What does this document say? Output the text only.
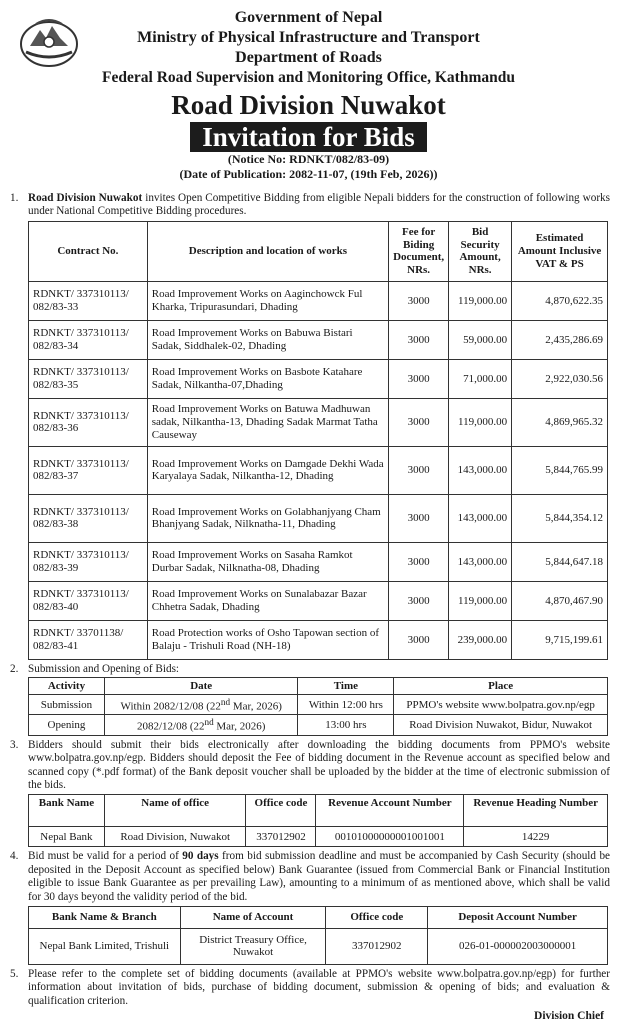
Government of Nepal
Ministry of Physical Infrastructure and Transport
Department of Roads
Federal Road Supervision and Monitoring Office, Kathmandu
Road Division Nuwakot
Invitation for Bids
(Notice No: RDNKT/082/83-09)
(Date of Publication: 2082-11-07, (19th Feb, 2026))
1. Road Division Nuwakot invites Open Competitive Bidding from eligible Nepali bidders for the construction of following works under National Competitive Bidding procedures.
Contract No.	Description and location of works	Fee for Biding Document, NRs.	Bid Security Amount, NRs.	Estimated Amount Inclusive VAT & PS
RDNKT/ 337310113/ 082/83-33	Road Improvement Works on Aaginchowck Ful Kharka, Tripurasundari, Dhading	3000	119,000.00	4,870,622.35
RDNKT/ 337310113/ 082/83-34	Road Improvement Works on Babuwa Bistari Sadak, Siddhalek-02, Dhading	3000	59,000.00	2,435,286.69
RDNKT/ 337310113/ 082/83-35	Road Improvement Works on Basbote Katahare Sadak, Nilkantha-07,Dhading	3000	71,000.00	2,922,030.56
RDNKT/ 337310113/ 082/83-36	Road Improvement Works on Batuwa Madhuwan sadak, Nilkantha-13, Dhading Sadak Marmat Tatha Causeway	3000	119,000.00	4,869,965.32
RDNKT/ 337310113/ 082/83-37	Road Improvement Works on Damgade Dekhi Wada Karyalaya Sadak, Nilkantha-12, Dhading	3000	143,000.00	5,844,765.99
RDNKT/ 337310113/ 082/83-38	Road Improvement Works on Golabhanjyang Cham Bhanjyang Sadak, Nilknatha-11, Dhading	3000	143,000.00	5,844,354.12
RDNKT/ 337310113/ 082/83-39	Road Improvement Works on Sasaha Ramkot Durbar Sadak, Nilknatha-08, Dhading	3000	143,000.00	5,844,647.18
RDNKT/ 337310113/ 082/83-40	Road Improvement Works on Sunalabazar Bazar Chhetra Sadak, Dhading	3000	119,000.00	4,870,467.90
RDNKT/ 33701138/ 082/83-41	Road Protection works of Osho Tapowan section of Balaju - Trishuli Road (NH-18)	3000	239,000.00	9,715,199.61
2. Submission and Opening of Bids:
Activity	Date	Time	Place
Submission	Within 2082/12/08 (22nd Mar, 2026)	Within 12:00 hrs	PPMO's website www.bolpatra.gov.np/egp
Opening	2082/12/08 (22nd Mar, 2026)	13:00 hrs	Road Division Nuwakot, Bidur, Nuwakot
3. Bidders should submit their bids electronically after downloading the bidding documents from PPMO's website www.bolpatra.gov.np/egp. Bidders should deposit the Fee of bidding document in the Revenue account as specified below and scanned copy (*.pdf format) of the Bank deposit voucher shall be uploaded by the bidder at the time of electronic submission of the bids.
Bank Name	Name of office	Office code	Revenue Account Number	Revenue Heading Number
Nepal Bank	Road Division, Nuwakot	337012902	00101000000001001001	14229
4. Bid must be valid for a period of 90 days from bid submission deadline and must be accompanied by Cash Security (should be deposited in the Deposit Account as specified below) Bank Guarantee (issued from Commercial Bank or Financial Institution eligible to issue Bank Guarantee as per prevailing Law), amounting to a minimum of as mentioned above, which shall be valid for 30 days beyond the validity period of the bid.
Bank Name & Branch	Name of Account	Office code	Deposit Account Number
Nepal Bank Limited, Trishuli	District Treasury Office, Nuwakot	337012902	026-01-000002003000001
5. Please refer to the complete set of bidding documents (available at PPMO's website www.bolpatra.gov.np/egp) for further information about invitation of bids, purchase of bidding document, submission & opening of bids; and evaluation & qualification criterion.
Division Chief
